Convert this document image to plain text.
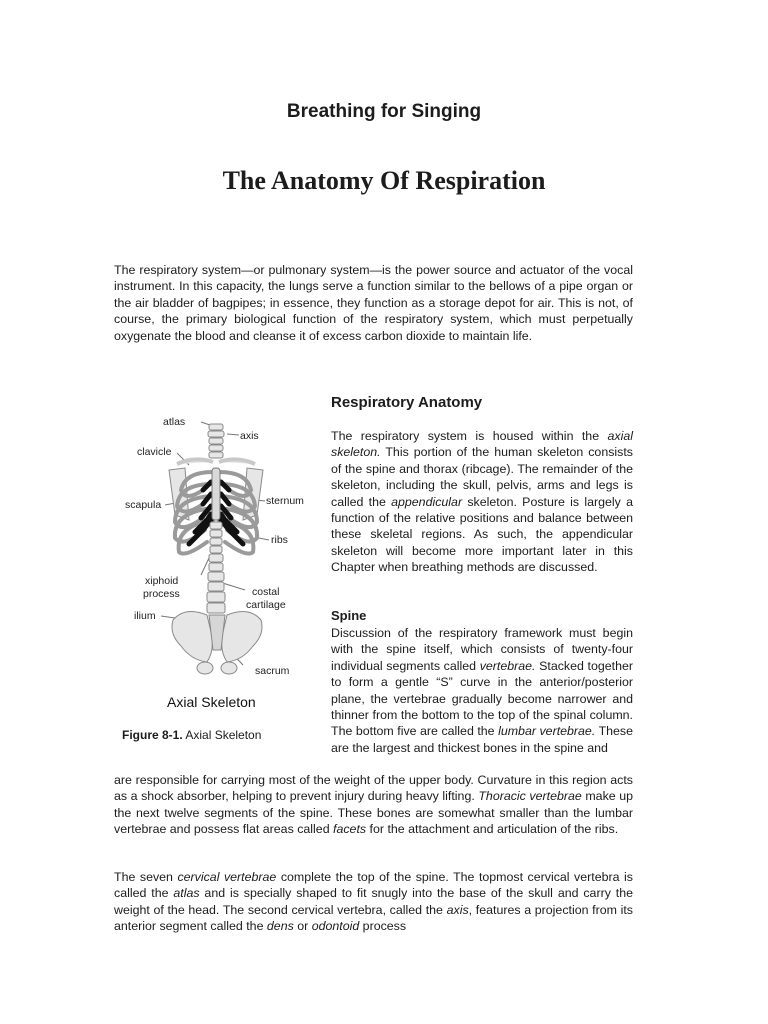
Breathing for Singing
The Anatomy Of Respiration

The respiratory system—or pulmonary system—is the power source and actuator of the vocal instrument. In this capacity, the lungs serve a function similar to the bellows of a pipe organ or the air bladder of bagpipes; in essence, they function as a storage depot for air. This is not, of course, the primary biological function of the respiratory system, which must perpetually oxygenate the blood and cleanse it of excess carbon dioxide to maintain life.

Respiratory Anatomy

The respiratory system is housed within the axial skeleton. This portion of the human skeleton consists of the spine and thorax (ribcage). The remainder of the skeleton, including the skull, pelvis, arms and legs is called the appendicular skeleton. Posture is largely a function of the relative positions and balance between these skeletal regions. As such, the appendicular skeleton will become more important later in this Chapter when breathing methods are discussed.

Spine

Discussion of the respiratory framework must begin with the spine itself, which consists of twenty-four individual segments called vertebrae. Stacked together to form a gentle “S” curve in the anterior/posterior plane, the vertebrae gradually become narrower and thinner from the bottom to the top of the spinal column. The bottom five are called the lumbar vertebrae. These are the largest and thickest bones in the spine and

are responsible for carrying most of the weight of the upper body. Curvature in this region acts as a shock absorber, helping to prevent injury during heavy lifting. Thoracic vertebrae make up the next twelve segments of the spine. These bones are somewhat smaller than the lumbar vertebrae and possess flat areas called facets for the attachment and articulation of the ribs.

The seven cervical vertebrae complete the top of the spine. The topmost cervical vertebra is called the atlas and is specially shaped to fit snugly into the base of the skull and carry the weight of the head. The second cervical vertebra, called the axis, features a projection from its anterior segment called the dens or odontoid process

atlas
axis
clavicle
sternum
scapula
ribs
xiphoid
process	costal
cartilage
ilium
sacrum
Axial Skeleton
Figure 8-1. Axial Skeleton
